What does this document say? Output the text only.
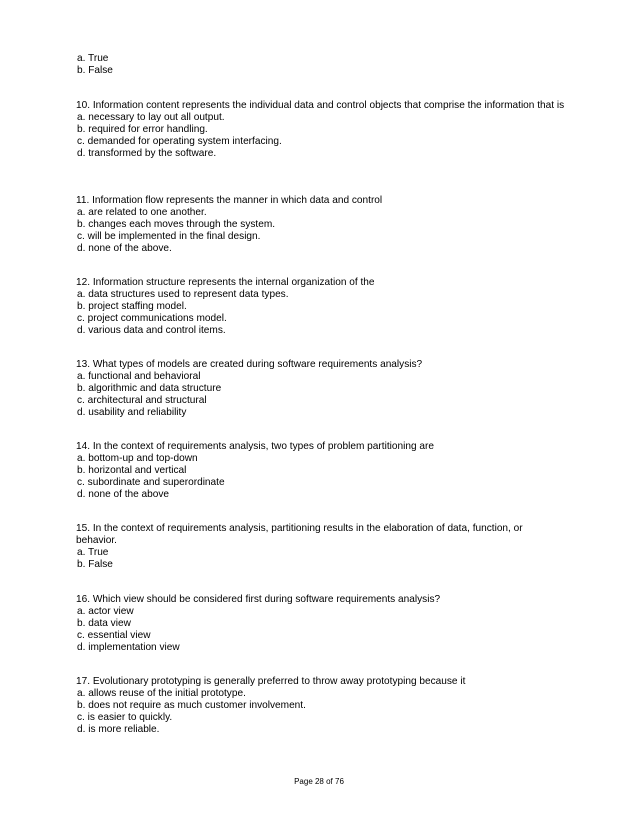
a. True
b. False

10. Information content represents the individual data and control objects that comprise the information that is

a. necessary to lay out all output.
b. required for error handling.
c. demanded for operating system interfacing.
d. transformed by the software.

11. Information flow represents the manner in which data and control

a. are related to one another.
b. changes each moves through the system.
c. will be implemented in the final design.
d. none of the above.

12. Information structure represents the internal organization of the

a. data structures used to represent data types.
b. project staffing model.
c. project communications model.
d. various data and control items.

13. What types of models are created during software requirements analysis?

a. functional and behavioral
b. algorithmic and data structure
c. architectural and structural
d. usability and reliability

14. In the context of requirements analysis, two types of problem partitioning are

a. bottom-up and top-down
b. horizontal and vertical
c. subordinate and superordinate
d. none of the above

15. In the context of requirements analysis, partitioning results in the elaboration of data, function, or behavior.

a. True
b. False

16. Which view should be considered first during software requirements analysis?

a. actor view
b. data view
c. essential view
d. implementation view

17. Evolutionary prototyping is generally preferred to throw away prototyping because it

a. allows reuse of the initial prototype.
b. does not require as much customer involvement.
c. is easier to quickly.
d. is more reliable.
Page 28 of 76
